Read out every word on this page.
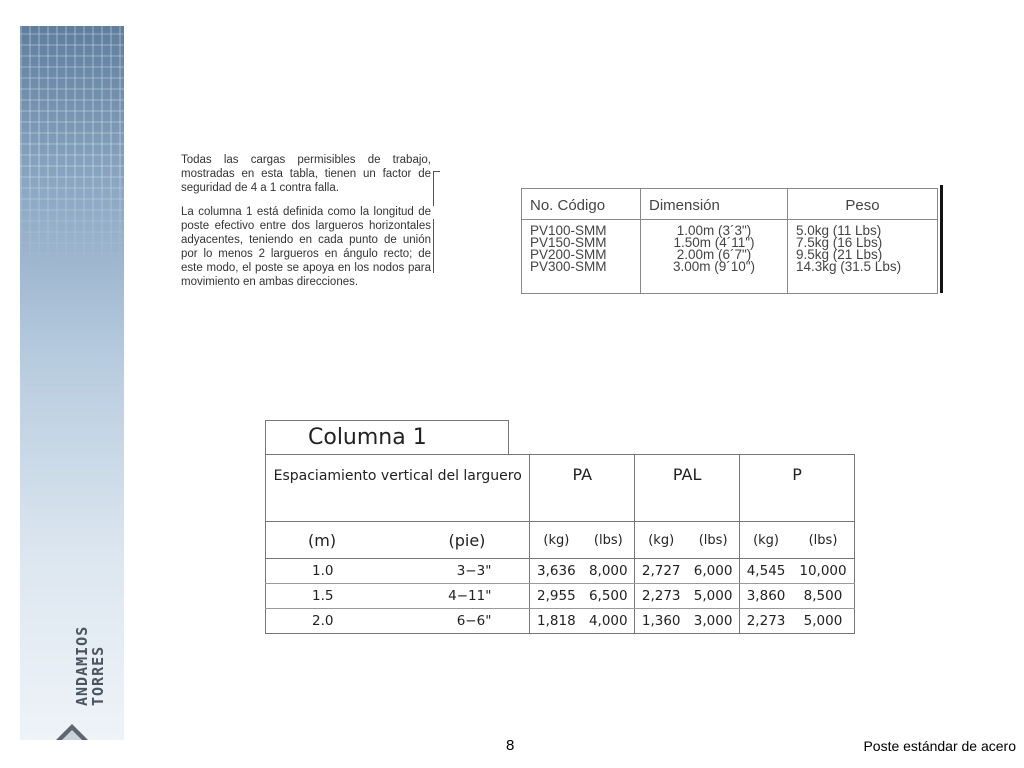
ANDAMIOS
TORRES

Todas las cargas permisibles de trabajo, mostradas en esta tabla, tienen un factor de seguridad de 4 a 1 contra falla.

La columna 1 está definida como la longitud de poste efectivo entre dos largueros horizontales adyacentes, teniendo en cada punto de unión por lo menos 2 largueros en ángulo recto; de este modo, el poste se apoya en los nodos para movimiento en ambas direcciones.

No. Código	Dimensión	Peso

PV100-SMM
PV150-SMM
PV200-SMM
PV300-SMM	1.00m (3´3")
1.50m (4´11")
2.00m (6´7")
3.00m (9´10")	5.0kg (11 Lbs)
7.5kg (16 Lbs)
9.5kg (21 Lbs)
14.3kg (31.5 Lbs)
Columna 1
Espaciamiento vertical del larguero		PA		PAL		P	
(m)	(pie)	(kg)	(lbs)	(kg)	(lbs)	(kg)	(lbs)
1.0	3−3"	3,636	8,000	2,727	6,000	4,545	10,000
1.5	4−11"	2,955	6,500	2,273	5,000	3,860	8,500
2.0	6−6"	1,818	4,000	1,360	3,000	2,273	5,000
8	Poste estándar de acero
